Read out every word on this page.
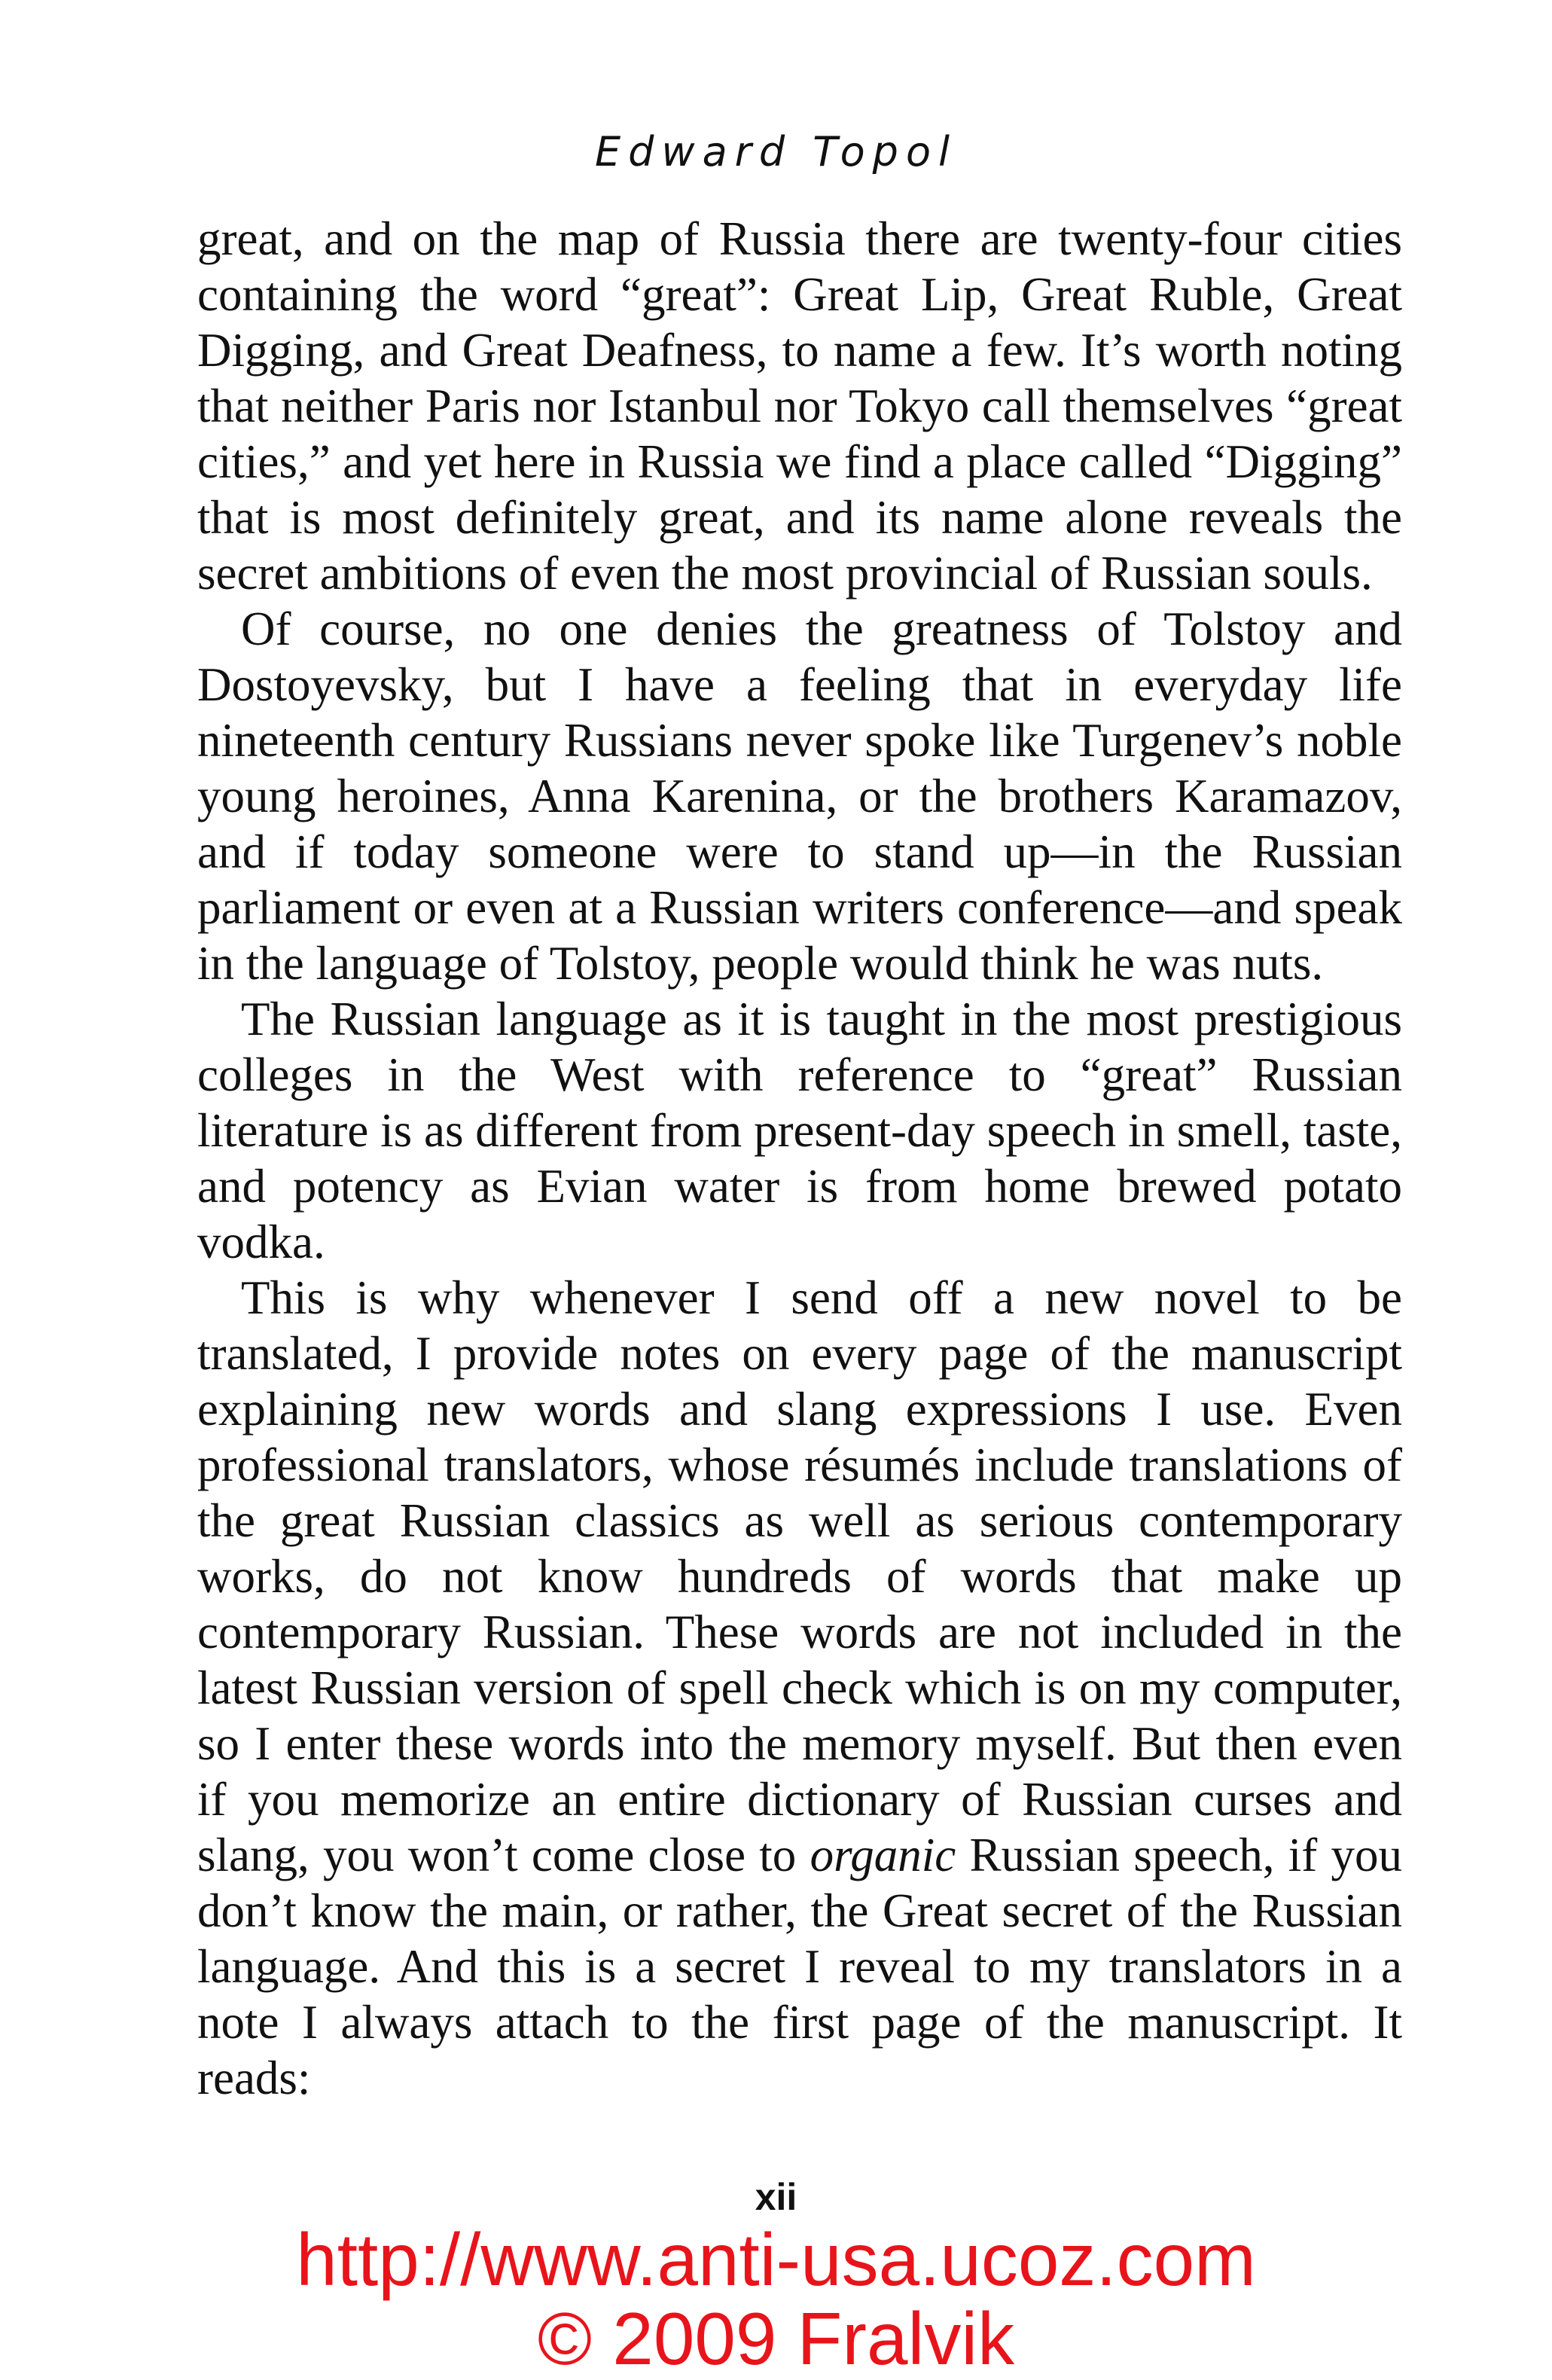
Edward Topol

great, and on the map of Russia there are twenty-four cities containing the word “great”: Great Lip, Great Ruble, Great Digging, and Great Deafness, to name a few. It’s worth noting that neither Paris nor Istanbul nor Tokyo call themselves “great cities,” and yet here in Russia we find a place called “Digging” that is most definitely great, and its name alone reveals the secret ambitions of even the most provincial of Russian souls.

Of course, no one denies the greatness of Tolstoy and Dostoyevsky, but I have a feeling that in everyday life nineteenth century Russians never spoke like Turgenev’s noble young heroines, Anna Karenina, or the brothers Karamazov, and if today someone were to stand up—in the Russian parliament or even at a Russian writers conference—and speak in the language of Tolstoy, people would think he was nuts.

The Russian language as it is taught in the most prestigious colleges in the West with reference to “great” Russian literature is as different from present-day speech in smell, taste, and potency as Evian water is from home brewed potato vodka.

This is why whenever I send off a new novel to be translated, I provide notes on every page of the manuscript explaining new words and slang expressions I use. Even professional translators, whose résumés include translations of the great Russian classics as well as serious contemporary works, do not know hundreds of words that make up contemporary Russian. These words are not included in the latest Russian version of spell check which is on my computer, so I enter these words into the memory myself. But then even if you memorize an entire dictionary of Russian curses and slang, you won’t come close to organic Russian speech, if you don’t know the main, or rather, the Great secret of the Russian language. And this is a secret I reveal to my translators in a note I always attach to the first page of the manuscript. It reads:

xii
http://www.anti-usa.ucoz.com
© 2009 Fralvik
